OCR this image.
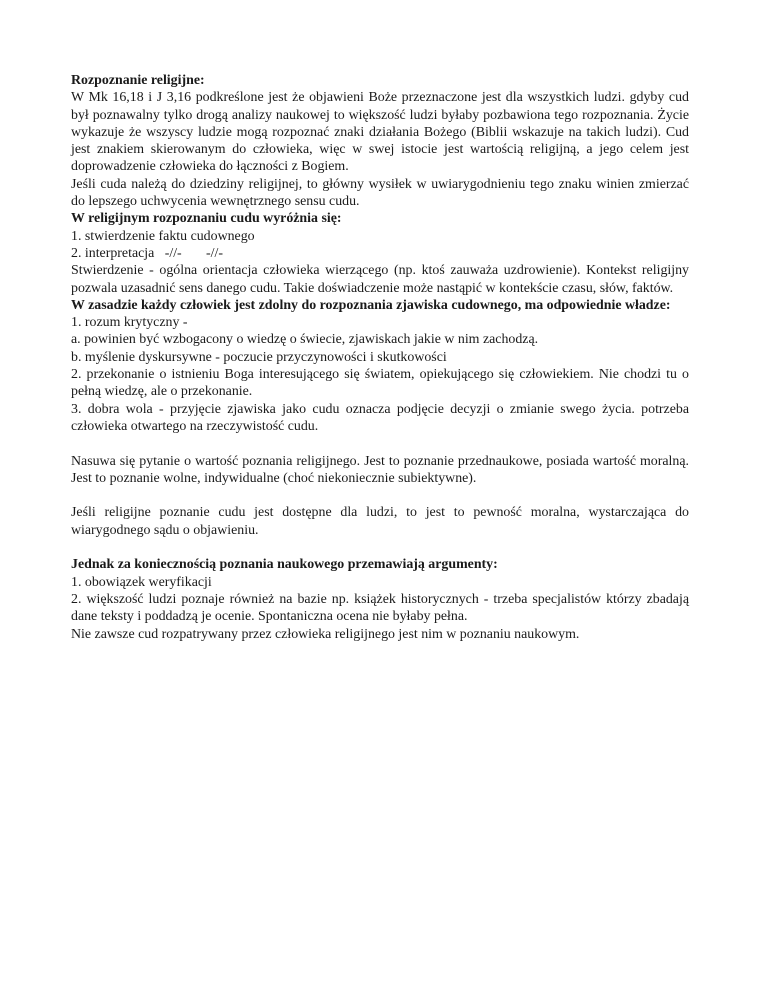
Rozpoznanie religijne:

W Mk 16,18 i J 3,16 podkreślone jest że objawieni Boże przeznaczone jest dla wszystkich ludzi. gdyby cud był poznawalny tylko drogą analizy naukowej to większość ludzi byłaby pozbawiona tego rozpoznania. Życie wykazuje że wszyscy ludzie mogą rozpoznać znaki działania Bożego (Biblii wskazuje na takich ludzi). Cud jest znakiem skierowanym do człowieka, więc w swej istocie jest wartością religijną, a jego celem jest doprowadzenie człowieka do łączności z Bogiem.

Jeśli cuda należą do dziedziny religijnej, to główny wysiłek w uwiarygodnieniu tego znaku winien zmierzać do lepszego uchwycenia wewnętrznego sensu cudu.

W religijnym rozpoznaniu cudu wyróżnia się:

1. stwierdzenie faktu cudownego

2. interpretacja   -//-       -//-

Stwierdzenie - ogólna orientacja człowieka wierzącego (np. ktoś zauważa uzdrowienie). Kontekst religijny pozwala uzasadnić sens danego cudu. Takie doświadczenie może nastąpić w kontekście czasu, słów, faktów.

W zasadzie każdy człowiek jest zdolny do rozpoznania zjawiska cudownego, ma odpowiednie władze:

1. rozum krytyczny -

a. powinien być wzbogacony o wiedzę o świecie, zjawiskach jakie w nim zachodzą.

b. myślenie dyskursywne - poczucie przyczynowości i skutkowości

2. przekonanie o istnieniu Boga interesującego się światem, opiekującego się człowiekiem. Nie chodzi tu o pełną wiedzę, ale o przekonanie.

3. dobra wola - przyjęcie zjawiska jako cudu oznacza podjęcie decyzji o zmianie swego życia. potrzeba człowieka otwartego na rzeczywistość cudu.

Nasuwa się pytanie o wartość poznania religijnego. Jest to poznanie przednaukowe, posiada wartość moralną. Jest to poznanie wolne, indywidualne (choć niekoniecznie subiektywne).

Jeśli religijne poznanie cudu jest dostępne dla ludzi, to jest to pewność moralna, wystarczająca do wiarygodnego sądu o objawieniu.

Jednak za koniecznością poznania naukowego przemawiają argumenty:

1. obowiązek weryfikacji

2. większość ludzi poznaje również na bazie np. książek historycznych - trzeba specjalistów którzy zbadają dane teksty i poddadzą je ocenie. Spontaniczna ocena nie byłaby pełna.

Nie zawsze cud rozpatrywany przez człowieka religijnego jest nim w poznaniu naukowym.
